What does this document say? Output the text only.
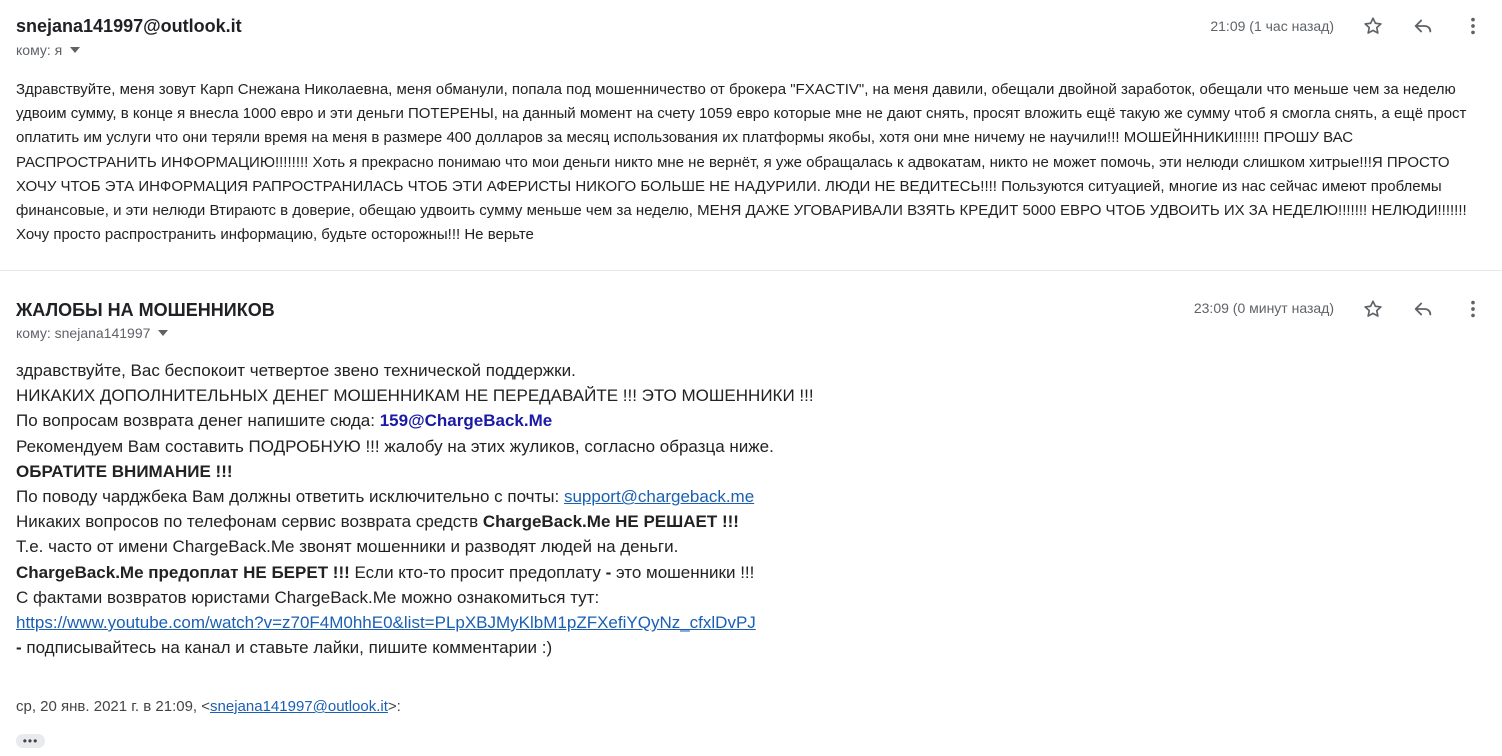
snejana141997@outlook.it
кому: я
21:09 (1 час назад)
Здравствуйте, меня зовут Карп Снежана Николаевна, меня обманули, попала под мошенничество от брокера "FXACTIV", на меня давили, обещали двойной заработок, обещали что меньше чем за неделю удвоим сумму, в конце я внесла 1000 евро и эти деньги ПОТЕРЕНЫ, на данный момент на счету 1059 евро которые мне не дают снять, просят вложить ещё такую же сумму чтоб я смогла снять, а ещё прост оплатить им услуги что они теряли время на меня в размере 400 долларов за месяц использования их платформы якобы, хотя они мне ничему не научили!!! МОШЕЙННИКИ!!!!!! ПРОШУ ВАС РАСПРОСТРАНИТЬ ИНФОРМАЦИЮ!!!!!!!! Хоть я прекрасно понимаю что мои деньги никто мне не вернёт, я уже обращалась к адвокатам, никто не может помочь, эти нелюди слишком хитрые!!!Я ПРОСТО ХОЧУ ЧТОБ ЭТА ИНФОРМАЦИЯ РАПРОСТРАНИЛАСЬ ЧТОБ ЭТИ АФЕРИСТЫ НИКОГО БОЛЬШЕ НЕ НАДУРИЛИ. ЛЮДИ НЕ ВЕДИТЕСЬ!!!! Пользуются ситуацией, многие из нас сейчас имеют проблемы финансовые, и эти нелюди Втираютс в доверие, обещаю удвоить сумму меньше чем за неделю, МЕНЯ ДАЖЕ УГОВАРИВАЛИ ВЗЯТЬ КРЕДИТ 5000 ЕВРО ЧТОБ УДВОИТЬ ИХ ЗА НЕДЕЛЮ!!!!!!! НЕЛЮДИ!!!!!!! Хочу просто распространить информацию, будьте осторожны!!! Не верьте
ЖАЛОБЫ НА МОШЕННИКОВ
кому: snejana141997
23:09 (0 минут назад)
здравствуйте, Вас беспокоит четвертое звено технической поддержки.
НИКАКИХ ДОПОЛНИТЕЛЬНЫХ ДЕНЕГ МОШЕННИКАМ НЕ ПЕРЕДАВАЙТЕ !!! ЭТО МОШЕННИКИ !!!
По вопросам возврата денег напишите сюда: 159@ChargeBack.Me
Рекомендуем Вам составить ПОДРОБНУЮ !!! жалобу на этих жуликов, согласно образца ниже.
ОБРАТИТЕ ВНИМАНИЕ !!!
По поводу чарджбека Вам должны ответить исключительно с почты: support@chargeback.me
Никаких вопросов по телефонам сервис возврата средств ChargeBack.Me НЕ РЕШАЕТ !!!
Т.е. часто от имени ChargeBack.Me звонят мошенники и разводят людей на деньги.
ChargeBack.Me предоплат НЕ БЕРЕТ !!! Если кто-то просит предоплату - это мошенники !!!
С фактами возвратов юристами ChargeBack.Me можно ознакомиться тут:
https://www.youtube.com/watch?v=z70F4M0hhE0&list=PLpXBJMyKlbM1pZFXefiYQyNz_cfxlDvPJ
- подписывайтесь на канал и ставьте лайки, пишите комментарии :)
ср, 20 янв. 2021 г. в 21:09, <snejana141997@outlook.it>:
•••
